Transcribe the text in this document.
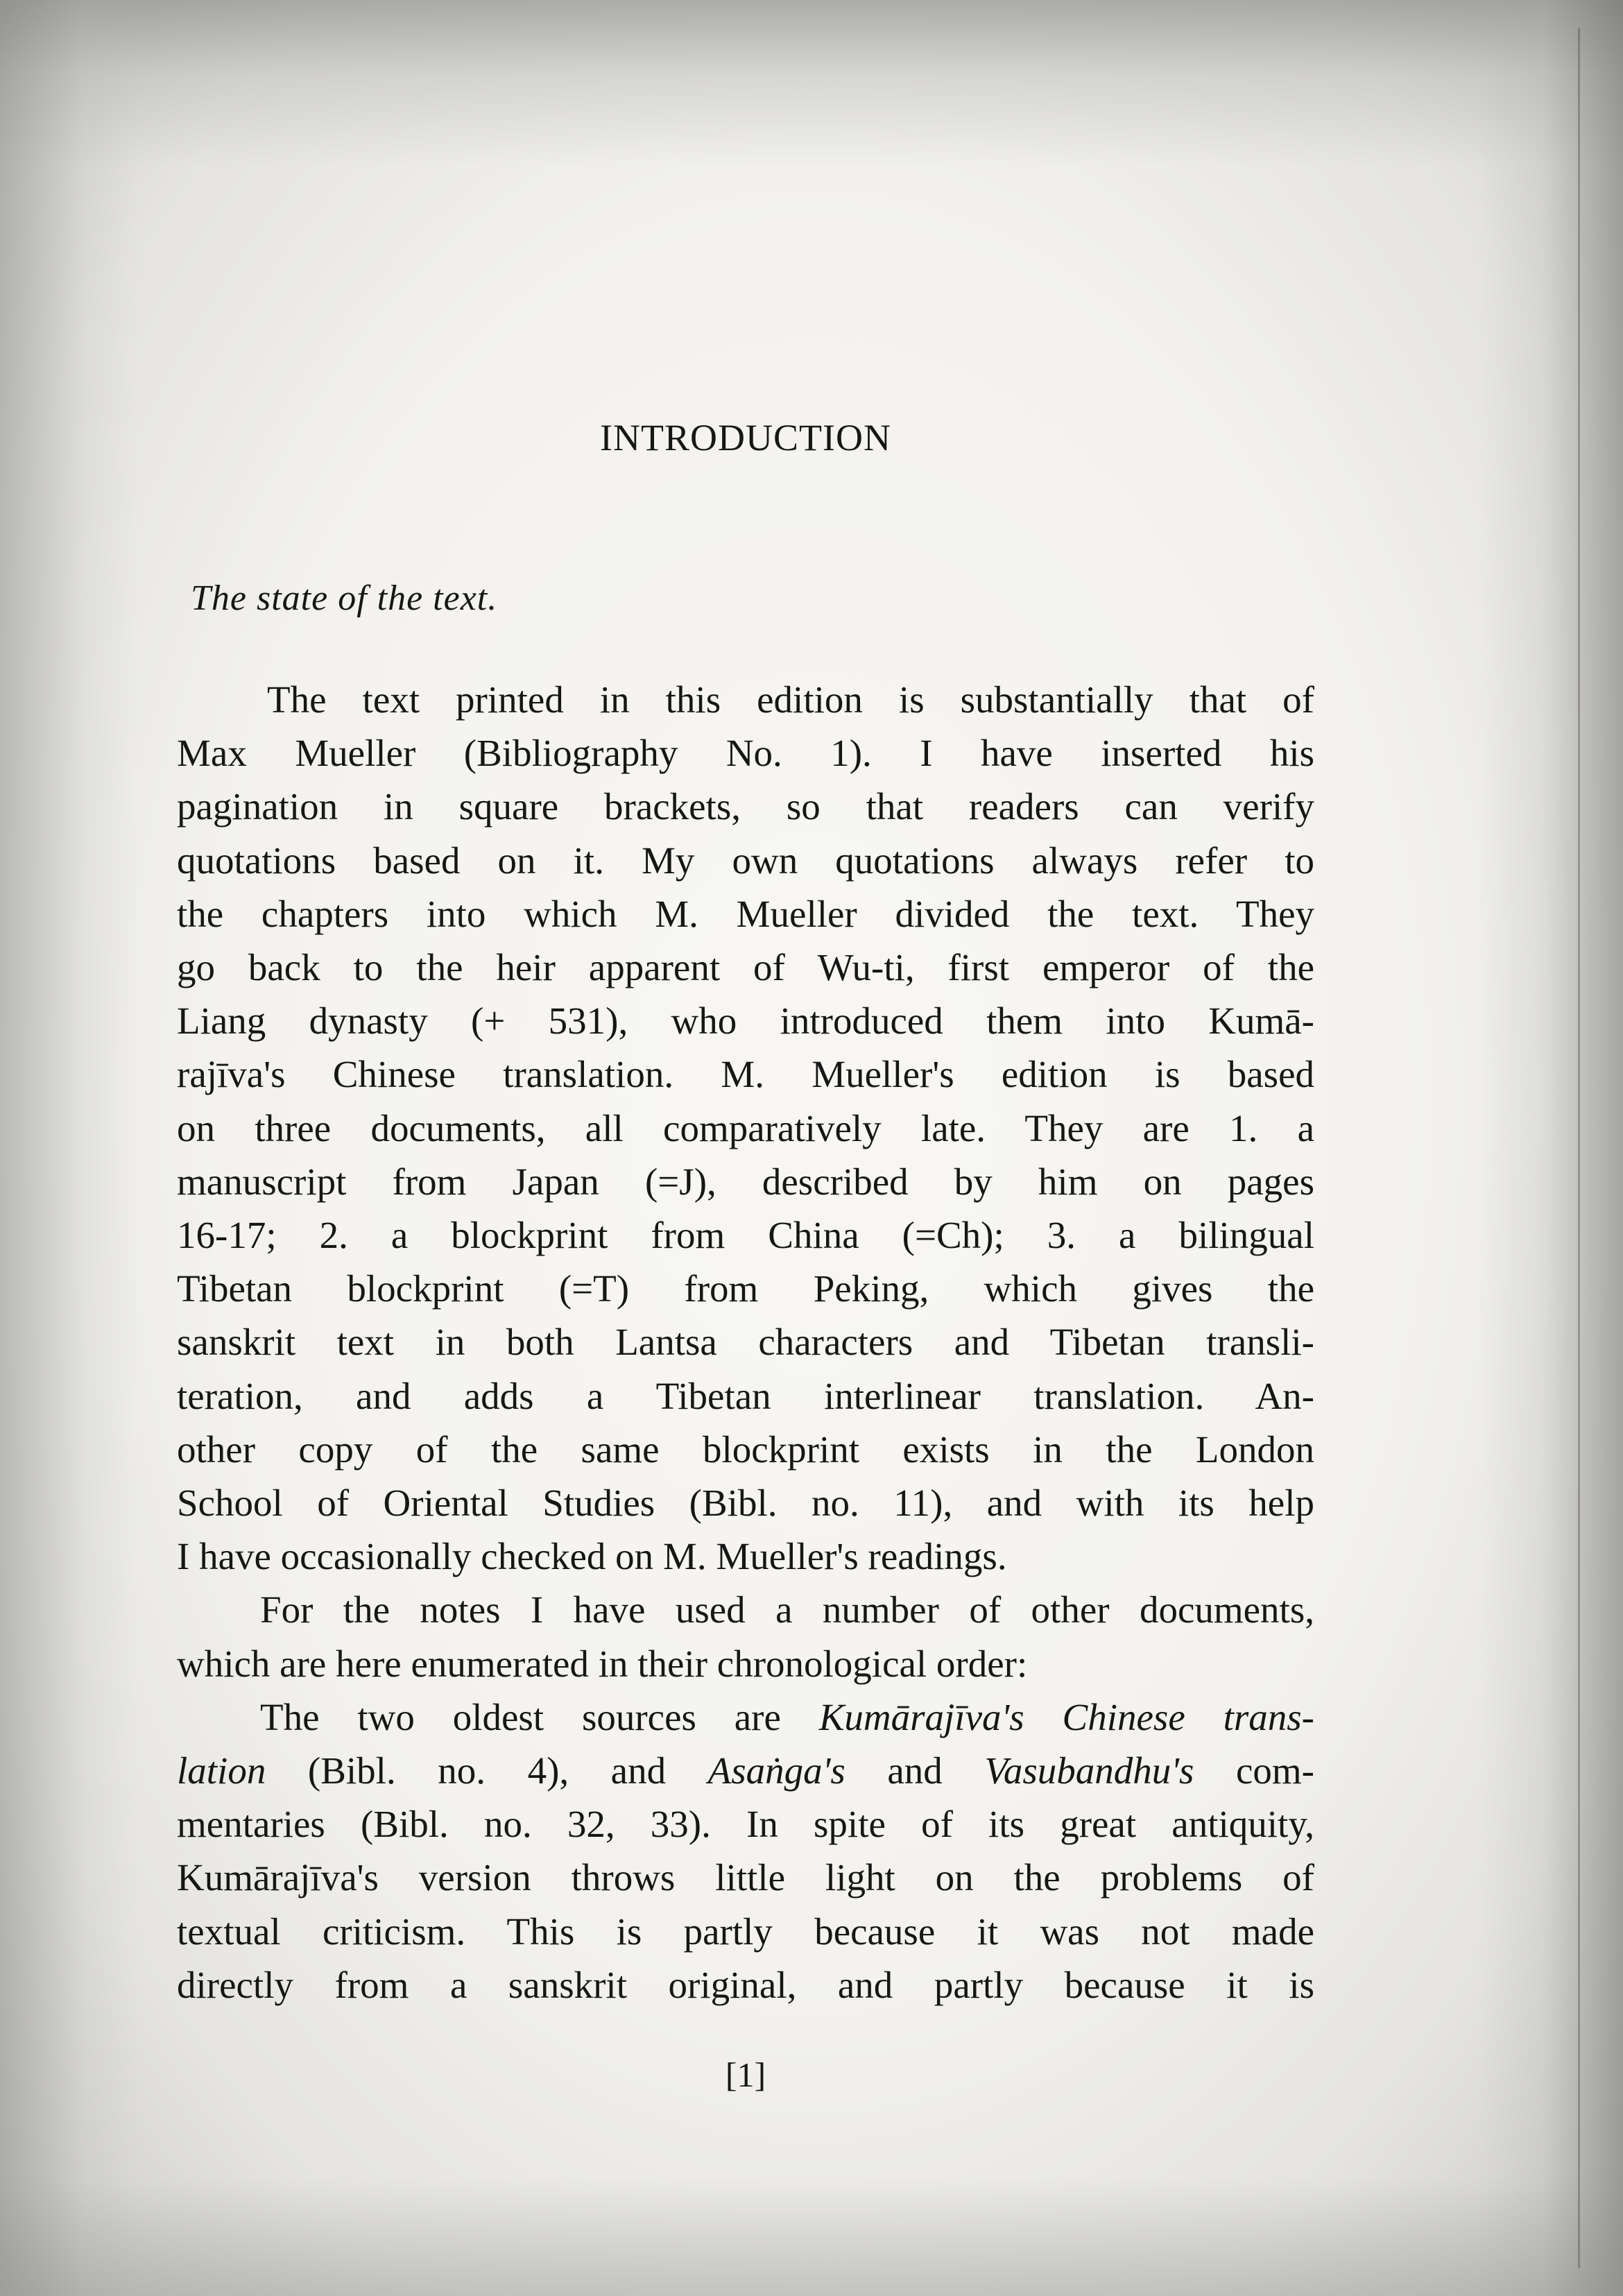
INTRODUCTION
The state of the text.
The text printed in this edition is substantially that of
Max Mueller (Bibliography No. 1). I have inserted his
pagination in square brackets, so that readers can verify
quotations based on it. My own quotations always refer to
the chapters into which M. Mueller divided the text. They
go back to the heir apparent of Wu-ti, first emperor of the
Liang dynasty (+ 531), who introduced them into Kumā-
rajīva's Chinese translation. M. Mueller's edition is based
on three documents, all comparatively late. They are 1. a
manuscript from Japan (=J), described by him on pages
16-17; 2. a blockprint from China (=Ch); 3. a bilingual
Tibetan blockprint (=T) from Peking, which gives the
sanskrit text in both Lantsa characters and Tibetan transli-
teration, and adds a Tibetan interlinear translation. An-
other copy of the same blockprint exists in the London
School of Oriental Studies (Bibl. no. 11), and with its help
I have occasionally checked on M. Mueller's readings.
For the notes I have used a number of other documents,
which are here enumerated in their chronological order:
The two oldest sources are Kumārajīva's Chinese trans-
lation (Bibl. no. 4), and Asaṅga's and Vasubandhu's com-
mentaries (Bibl. no. 32, 33). In spite of its great antiquity,
Kumārajīva's version throws little light on the problems of
textual criticism. This is partly because it was not made
directly from a sanskrit original, and partly because it is
[1]
